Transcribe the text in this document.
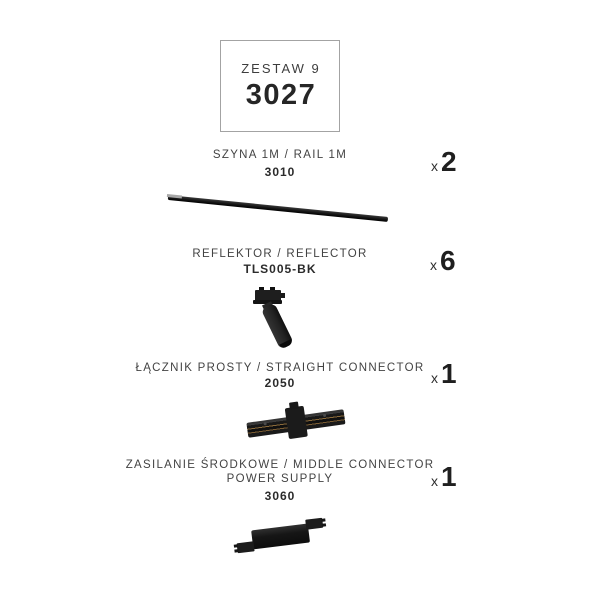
ZESTAW 9
3027
SZYNA 1M / RAIL 1M
3010	x 2
REFLEKTOR / REFLECTOR
TLS005-BK	x 6
ŁĄCZNIK PROSTY / STRAIGHT CONNECTOR
2050	x 1
ZASILANIE ŚRODKOWE / MIDDLE CONNECTOR
POWER SUPPLY
3060
x 1
